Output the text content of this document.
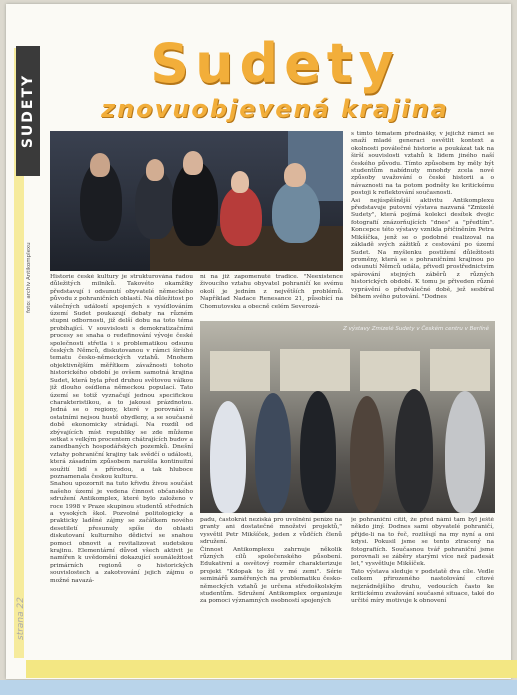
SUDETY
foto: archiv Antikomplexu
strana 22
Sudety
znovuobjevená krajina
Z výstavy Zmizelé Sudety v Českém centru v Berlíně
Historie české kultury je strukturována řadou důležitých milníků. Takovéto okamžiky představují i odsunutí obyvatelé německého původu z pohraničních oblastí. Na důležitost po válečných událostí spojených s vysídlováním území Sudet poukazují debaty na různém stupni odbornosti, již delší dobu na toto téma probíhající. V souvislosti s demokratizačními procesy se snaha o redefinování vývoje české společnosti střetla i s problematikou odsunu českých Němců, diskutovanou v rámci širšího tematu česko-německých vztahů. Mnohem objektivnějším měřítkem závažnosti tohoto historického období je ovšem samotná krajina Sudet, která byla před druhou světovou válkou již dlouho osídlena německou populací. Tato území se totiž vyznačují jednou specifickou charakteristikou, a to jakousi prázdnotou. Jedná se o regiony, které v porovnání s ostatními nejsou hustě obydleny, a se současné době ekonomicky strádají. Na rozdíl od zbývajících míst republiky se zde můžeme setkat s velkým procentem chátrajících budov a zanedbaných hospodářských pozemků. Dnešní vztahy pohraniční krajiny tak svědčí o události, která zásadním způsobem narušila kontinuitní soužití lidí s přírodou, a tak hluboce poznamenala českou kulturu.
Snahou upozornit na tuto křivdu živou součást našeho území je vedena činnost občanského sdružení Antikomplex, které bylo založeno v roce 1998 v Praze skupinou studentů středních a vysokých škol. Pozvolné politologicky a prakticky laděné zájmy se začátkem nového desetiletí přesunuly spíše do oblasti diskutovaní kulturního dědictví se snahou pomoci obnovit a revitalizovat sudetskou krajinu. Elementární důvod všech aktivit je namířen k uvědomění dokazující sounáležitost primárních regionů o historických souvislostech a zakotvování jejich zájmu o možné navazá-
ní na již zapomenuté tradice. "Neexistence živoucího vztahu obyvatel pohraničí ke svému okolí je jedním z největších problémů. Například Nadace Renesance 21, působící na Chomutovsku a obecně celém Severozá-
s tímto tématem přednášky, v jejichž rámci se snaží mladé generaci osvětlit kontext a okolnosti poválečné historie a poukázat tak na širší souvislosti vztahů k lidem jiného naší českého původu. Tímto způsobem by měly být studentům nabídnuty mnohdy zcela nové způsoby uvažování o české historii a o návaznosti na ta potom podněty ke kritickému postoji k reflektování současnosti.
Asi nejúspěšnější aktivitu Antikomplexu představuje putovní výstava nazvaná "Zmizelé Sudety", která pojímá kolekci desítek dvojic fotografií znázorňujících "dnes" a "předtím". Koncepce této výstavy vznikla přičiněním Petra Mikšíčka, jenž se o podobné realizoval na základě svých zážitků z cestování po území Sudet. Na myšlenku postižení důležitosti proměny, která se s pohraničními krajinou po odsunutí Němců udála, přivedl prostřednictvím spárování stejných záběrů z různých historických období. K tomu je přiveden různé vyprávění o předválečné době, jež sesbíral během svého putování. "Dodnes
padu, častokrát neziská pro uvolnění peníze na granty ani dostatečné množství projektů," vysvětil Petr Mikšíček, jeden z vůdčích členů sdružení.
Činnost Antikomplexu zahrnuje několik různých cílů společenského působení. Edukativní a osvětový rozměr charakterizuje projekt "Kdopak to žil v mé zemi". Série seminářů zaměřených na problematiku česko-německých vztahů je určena středoškolským studentům. Sdružení Antikomplex organizuje za pomoci významných osobností spojených
je pohraniční cítit, že před námi tam byl ještě někdo jiný. Dodnes sami obyvatelé pohraničí, přijde-li na to řeč, rozlišují na my nyní a oni kdysi. Pokusil jsme se tento ztracený na fotografiích. Současnou tvář pohraniční jsme porovnali se záběry starými více než padesát let," vysvětluje Mikšíček.
Tato výstava sleduje v podstatě dva cíle. Vedle celkem přirozeného nastolování citové nejzrádnějšího druhu, vedoucích často ke kritickému zvažování současné situace, také do určité míry motivuje k obnovení
